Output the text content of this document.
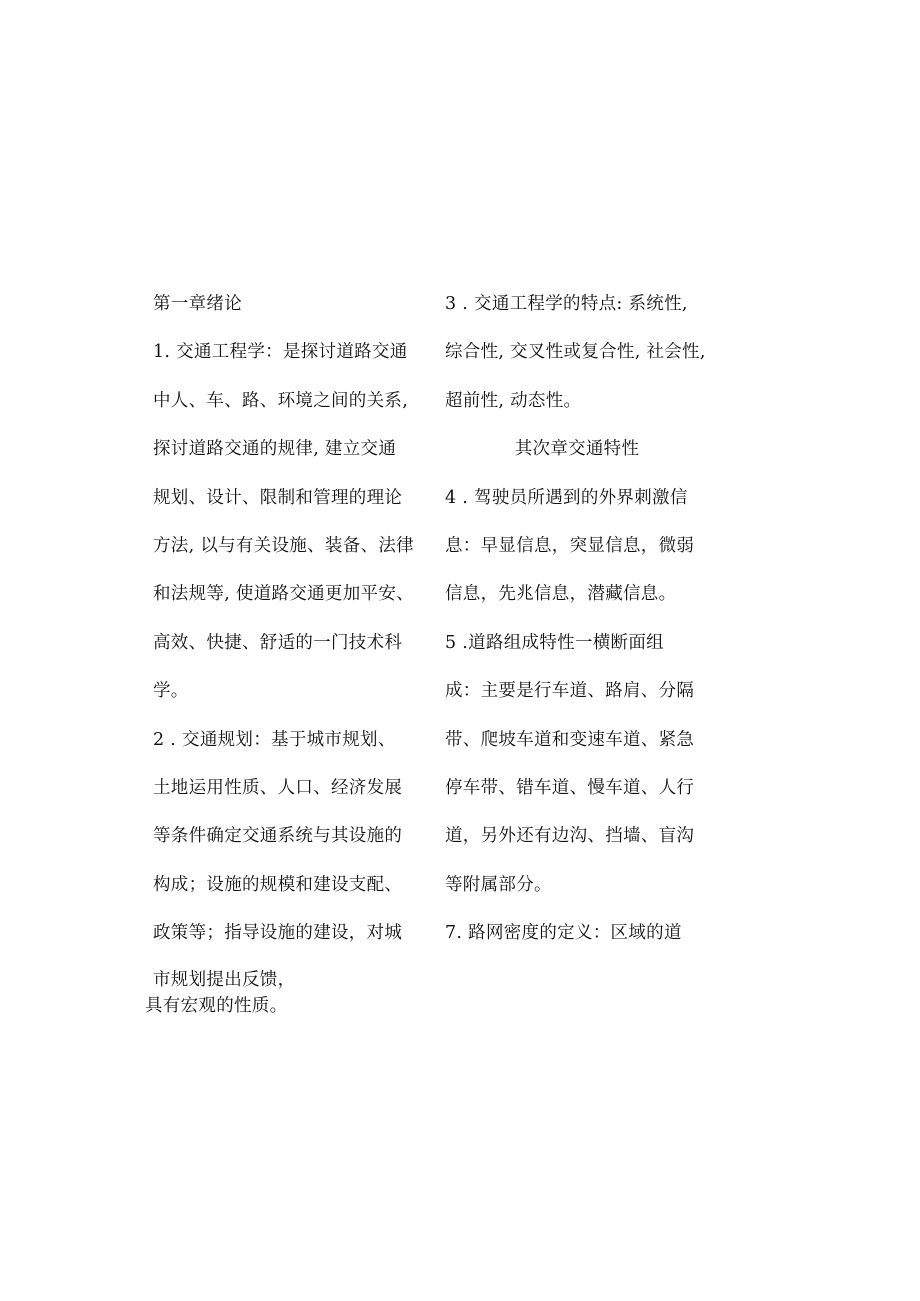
第一章绪论
1. 交通工程学：是探讨道路交通
中人、车、路、环境之间的关系,
探讨道路交通的规律, 建立交通
规划、设计、限制和管理的理论
方法, 以与有关设施、装备、法律
和法规等, 使道路交通更加平安、
高效、快捷、舒适的一门技术科
学。
2 . 交通规划：基于城市规划、
土地运用性质、人口、经济发展
等条件确定交通系统与其设施的
构成；设施的规模和建设支配、
政策等；指导设施的建设，对城
市规划提出反馈，
具有宏观的性质。
3 . 交通工程学的特点: 系统性,
综合性, 交叉性或复合性, 社会性,
超前性, 动态性。
其次章交通特性
4 . 驾驶员所遇到的外界刺激信
息：早显信息，突显信息，微弱
信息，先兆信息，潜藏信息。
5 .道路组成特性一横断面组
成：主要是行车道、路肩、分隔
带、爬坡车道和变速车道、紧急
停车带、错车道、慢车道、人行
道，另外还有边沟、挡墙、盲沟
等附属部分。
7. 路网密度的定义：区域的道
